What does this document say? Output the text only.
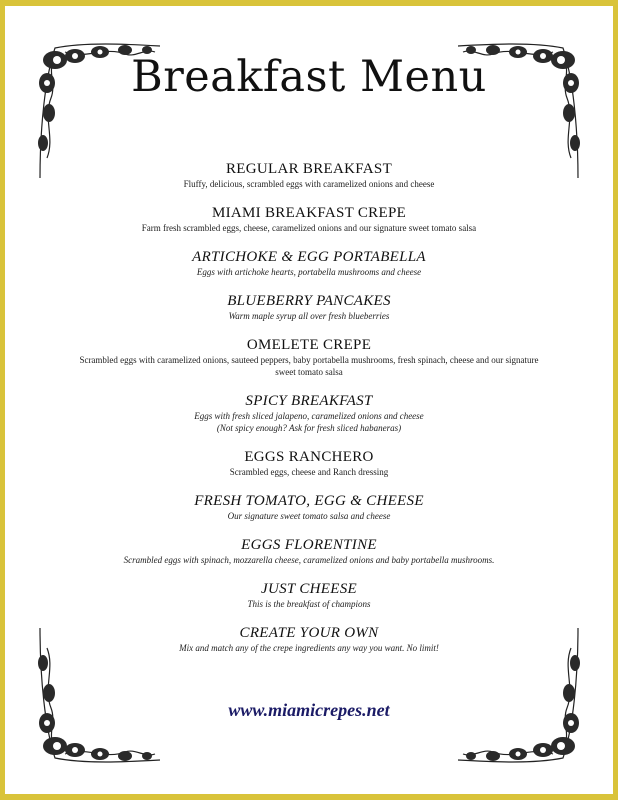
Breakfast Menu

REGULAR BREAKFAST

Fluffy, delicious, scrambled eggs with caramelized onions and cheese

MIAMI BREAKFAST CREPE

Farm fresh scrambled eggs, cheese, caramelized onions and our signature sweet tomato salsa

ARTICHOKE & EGG PORTABELLA

Eggs with artichoke hearts, portabella mushrooms and cheese

BLUEBERRY PANCAKES

Warm maple syrup all over fresh blueberries

OMELETE CREPE

Scrambled eggs with caramelized onions, sauteed peppers, baby portabella mushrooms, fresh spinach, cheese and our signature

sweet tomato salsa

SPICY BREAKFAST

Eggs with fresh sliced jalapeno, caramelized onions and cheese

(Not spicy enough? Ask for fresh sliced habaneras)

EGGS RANCHERO

Scrambled eggs, cheese and Ranch dressing

FRESH TOMATO, EGG & CHEESE

Our signature sweet tomato salsa and cheese

EGGS FLORENTINE

Scrambled eggs with spinach, mozzarella cheese, caramelized onions and baby portabella mushrooms.

JUST CHEESE

This is the breakfast of champions

CREATE YOUR OWN

Mix and match any of the crepe ingredients any way you want. No limit!

www.miamicrepes.net
